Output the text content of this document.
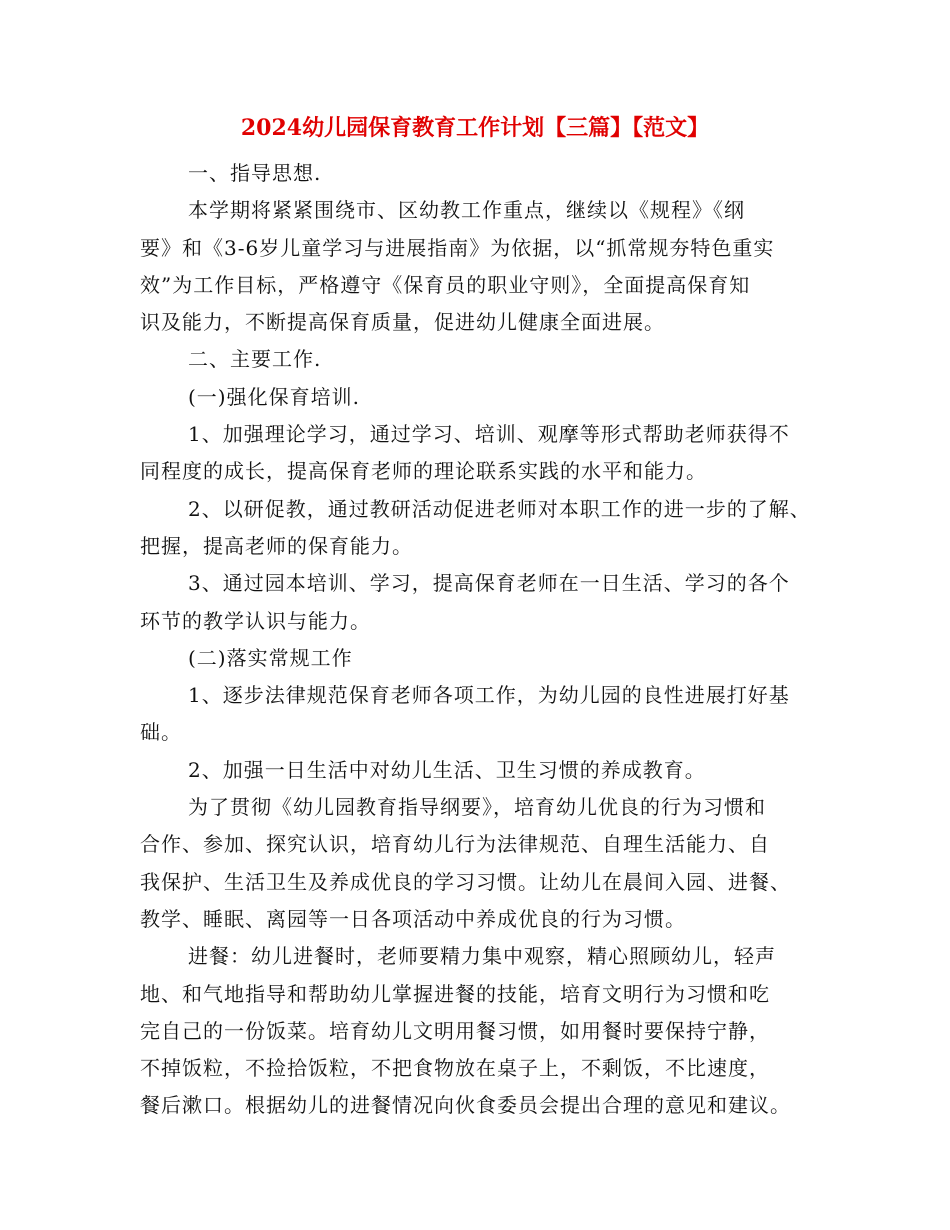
2024幼儿园保育教育工作计划【三篇】【范文】
一、指导思想.
本学期将紧紧围绕市、区幼教工作重点，继续以《规程》《纲
要》和《3-6岁儿童学习与进展指南》为依据，以“抓常规夯特色重实
效”为工作目标，严格遵守《保育员的职业守则》，全面提高保育知
识及能力，不断提高保育质量，促进幼儿健康全面进展。
二、主要工作.
(一)强化保育培训.
1、加强理论学习，通过学习、培训、观摩等形式帮助老师获得不
同程度的成长，提高保育老师的理论联系实践的水平和能力。
2、以研促教，通过教研活动促进老师对本职工作的进一步的了解、
把握，提高老师的保育能力。
3、通过园本培训、学习，提高保育老师在一日生活、学习的各个
环节的教学认识与能力。
(二)落实常规工作
1、逐步法律规范保育老师各项工作，为幼儿园的良性进展打好基
础。
2、加强一日生活中对幼儿生活、卫生习惯的养成教育。
为了贯彻《幼儿园教育指导纲要》，培育幼儿优良的行为习惯和
合作、参加、探究认识，培育幼儿行为法律规范、自理生活能力、自
我保护、生活卫生及养成优良的学习习惯。让幼儿在晨间入园、进餐、
教学、睡眠、离园等一日各项活动中养成优良的行为习惯。
进餐：幼儿进餐时，老师要精力集中观察，精心照顾幼儿，轻声
地、和气地指导和帮助幼儿掌握进餐的技能，培育文明行为习惯和吃
完自己的一份饭菜。培育幼儿文明用餐习惯，如用餐时要保持宁静，
不掉饭粒，不捡拾饭粒，不把食物放在桌子上，不剩饭，不比速度，
餐后漱口。根据幼儿的进餐情况向伙食委员会提出合理的意见和建议。
